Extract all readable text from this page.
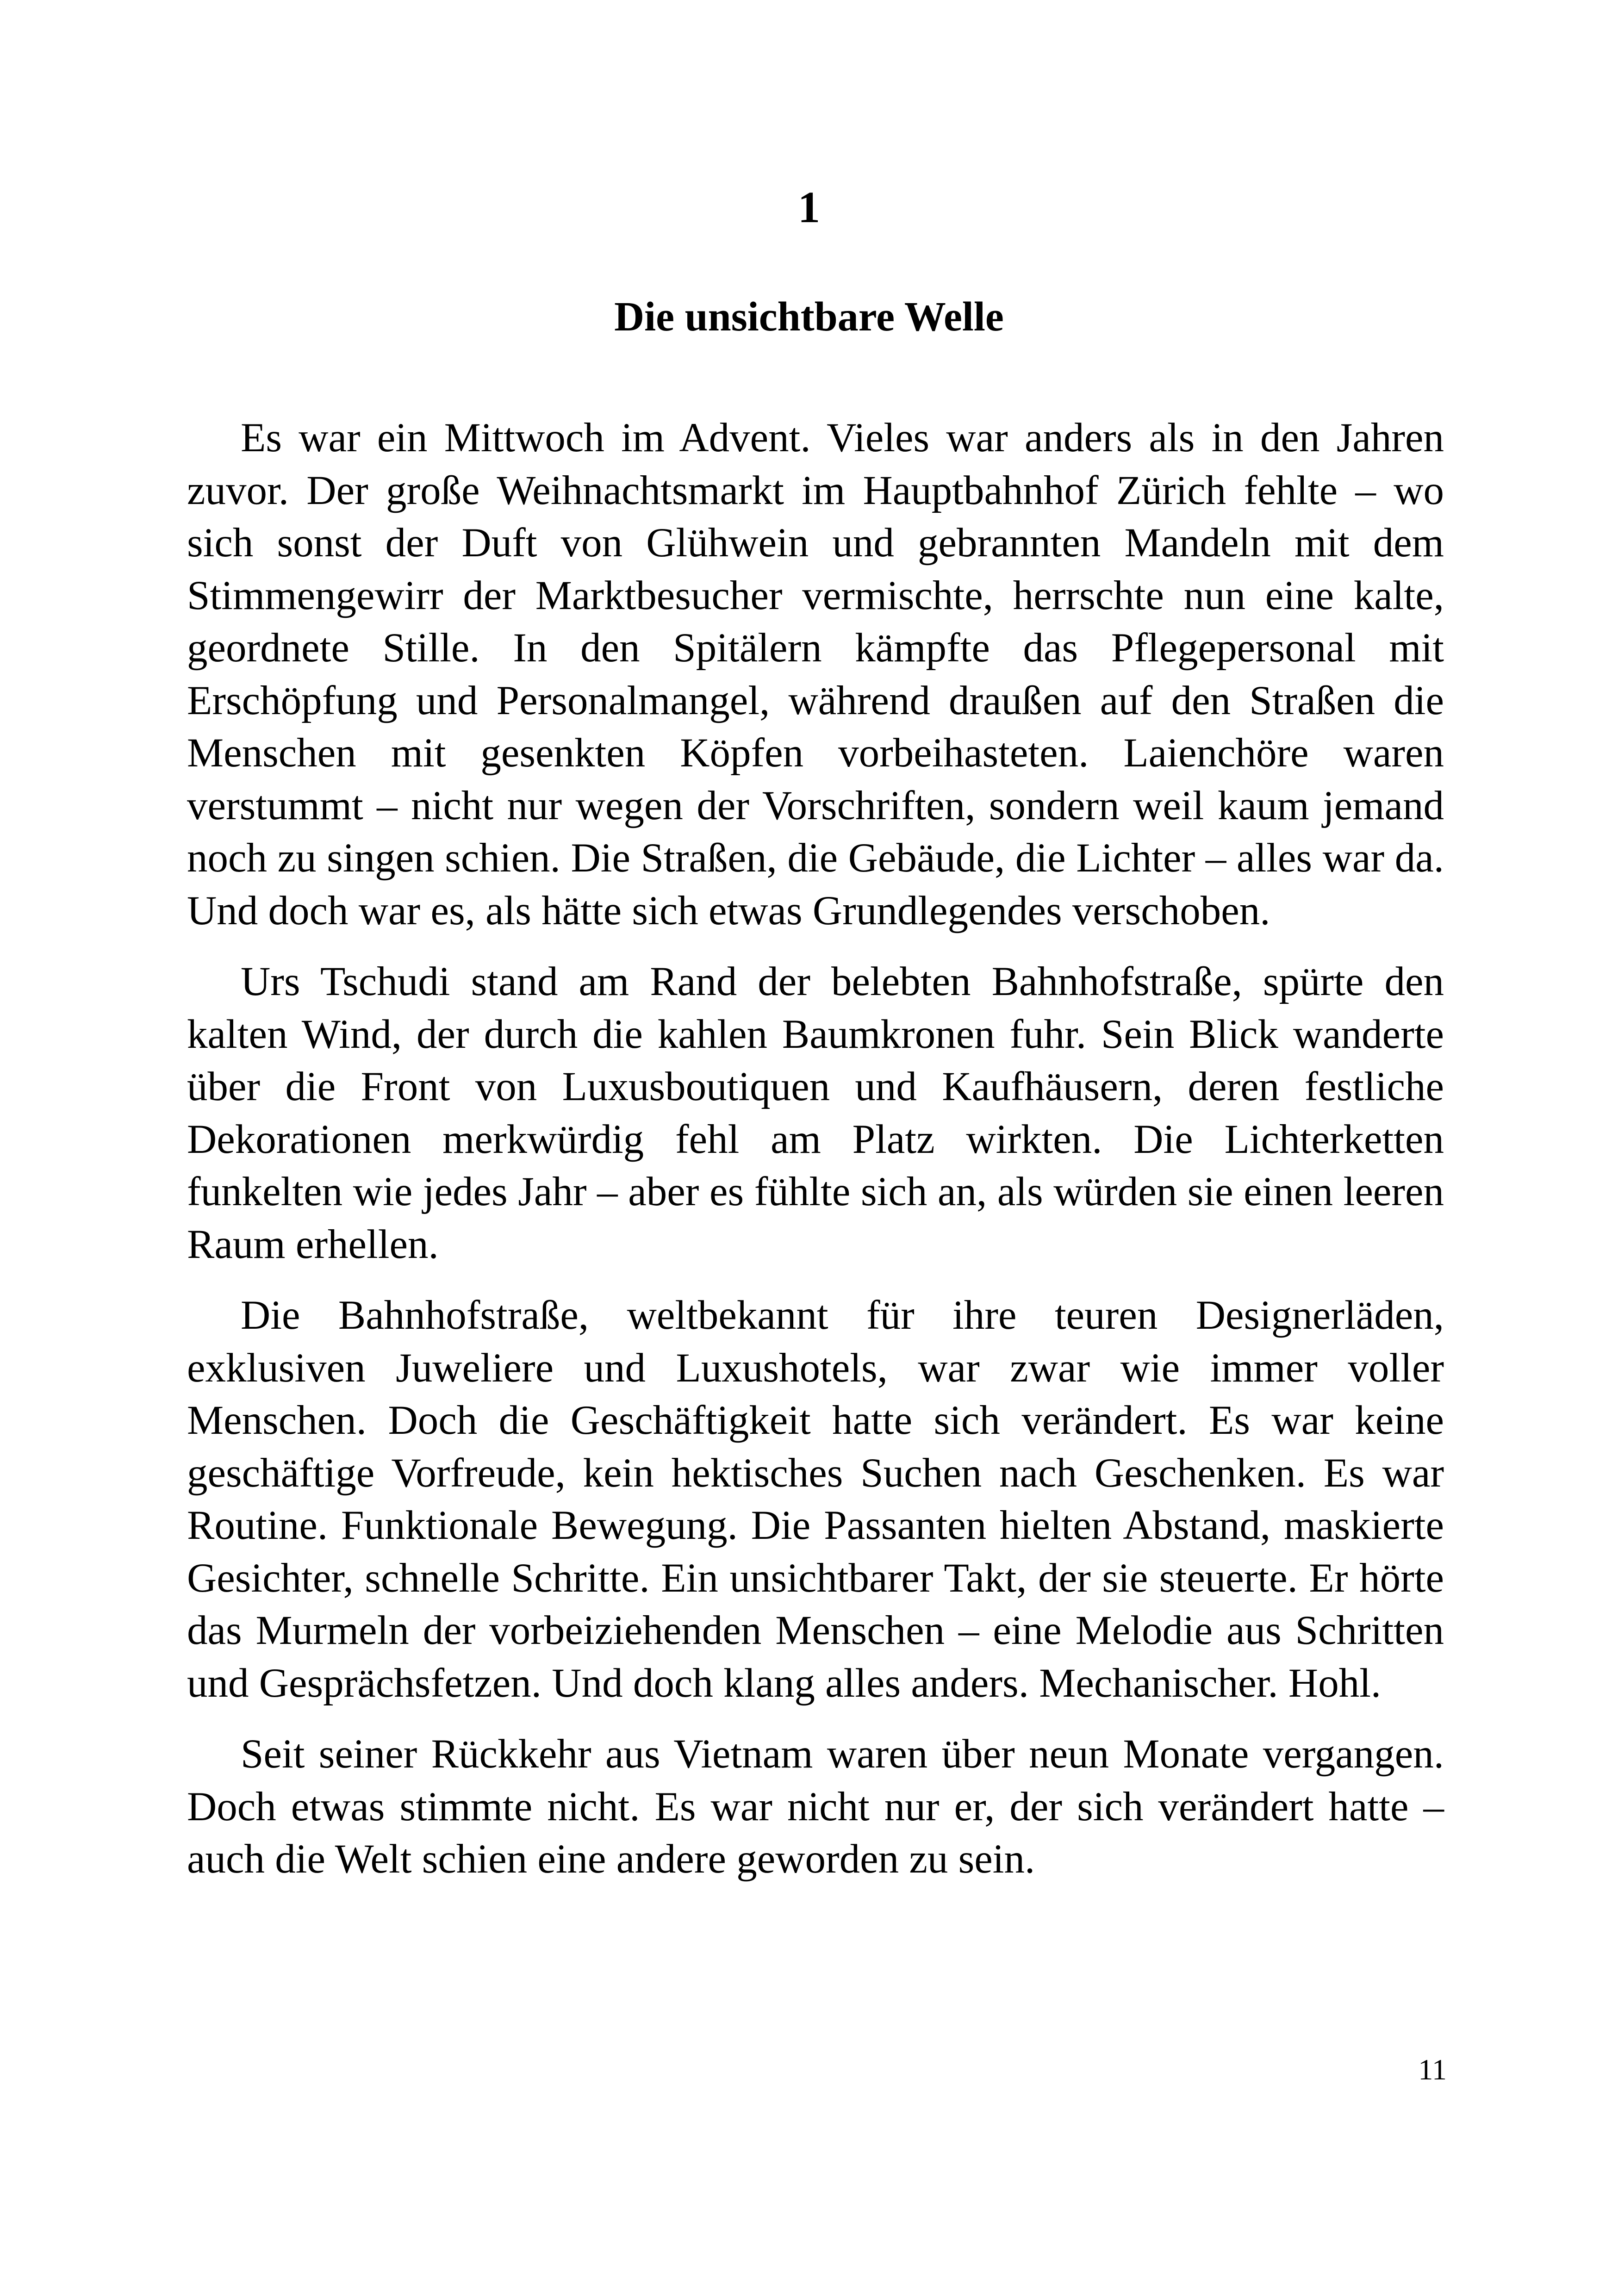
1
Die unsichtbare Welle

Es war ein Mittwoch im Advent. Vieles war anders als in den Jahren zuvor. Der große Weihnachtsmarkt im Hauptbahnhof Zürich fehlte – wo sich sonst der Duft von Glühwein und gebrannten Mandeln mit dem Stimmengewirr der Marktbesucher vermischte, herrschte nun eine kalte, geordnete Stille. In den Spitälern kämpfte das Pflegepersonal mit Erschöpfung und Personalmangel, während draußen auf den Straßen die Menschen mit gesenkten Köpfen vorbeihasteten. Laienchöre waren verstummt – nicht nur wegen der Vorschriften, sondern weil kaum jemand noch zu singen schien. Die Straßen, die Gebäude, die Lichter – alles war da. Und doch war es, als hätte sich etwas Grundlegendes verschoben.

Urs Tschudi stand am Rand der belebten Bahnhofstraße, spürte den kalten Wind, der durch die kahlen Baumkronen fuhr. Sein Blick wanderte über die Front von Luxusboutiquen und Kaufhäusern, deren festliche Dekorationen merkwürdig fehl am Platz wirkten. Die Lichterketten funkelten wie jedes Jahr – aber es fühlte sich an, als würden sie einen leeren Raum erhellen.

Die Bahnhofstraße, weltbekannt für ihre teuren Designerläden, exklusiven Juweliere und Luxushotels, war zwar wie immer voller Menschen. Doch die Geschäftigkeit hatte sich verändert. Es war keine geschäftige Vorfreude, kein hektisches Suchen nach Geschenken. Es war Routine. Funktionale Bewegung. Die Passanten hielten Abstand, maskierte Gesichter, schnelle Schritte. Ein unsichtbarer Takt, der sie steuerte. Er hörte das Murmeln der vorbeiziehenden Menschen – eine Melodie aus Schritten und Gesprächsfetzen. Und doch klang alles anders. Mechanischer. Hohl.

Seit seiner Rückkehr aus Vietnam waren über neun Monate vergangen. Doch etwas stimmte nicht. Es war nicht nur er, der sich verändert hatte – auch die Welt schien eine andere geworden zu sein.

11
